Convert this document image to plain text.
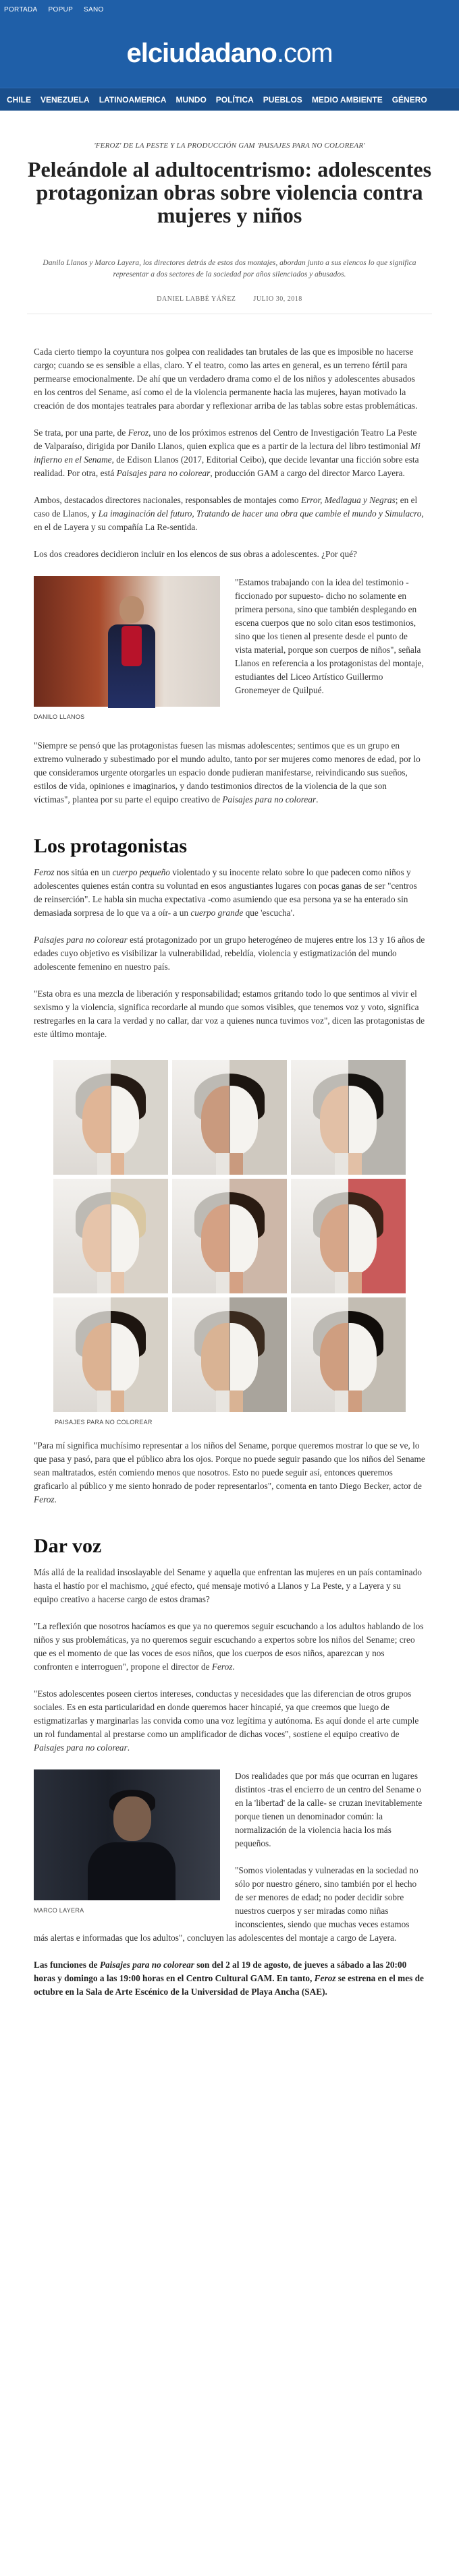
PORTADA POPUP SANO
elciudadano.com
CHILE VENEZUELA LATINOAMERICA MUNDO POLÍTICA PUEBLOS MEDIO AMBIENTE GÉNERO
'FEROZ' DE LA PESTE Y LA PRODUCCIÓN GAM 'PAISAJES PARA NO COLOREAR'
Peleándole al adultocentrismo: adolescentes protagonizan obras sobre violencia contra mujeres y niños

Danilo Llanos y Marco Layera, los directores detrás de estos dos montajes, abordan junto a sus elencos lo que significa representar a dos sectores de la sociedad por años silenciados y abusados.

DANIEL LABBÉ YÁÑEZ	JULIO 30, 2018

Cada cierto tiempo la coyuntura nos golpea con realidades tan brutales de las que es imposible no hacerse cargo; cuando se es sensible a ellas, claro. Y el teatro, como las artes en general, es un terreno fértil para permearse emocionalmente. De ahí que un verdadero drama como el de los niños y adolescentes abusados en los centros del Sename, así como el de la violencia permanente hacia las mujeres, hayan motivado la creación de dos montajes teatrales para abordar y reflexionar arriba de las tablas sobre estas problemáticas.

Se trata, por una parte, de Feroz, uno de los próximos estrenos del Centro de Investigación Teatro La Peste de Valparaíso, dirigida por Danilo Llanos, quien explica que es a partir de la lectura del libro testimonial Mi infierno en el Sename, de Edison Llanos (2017, Editorial Ceibo), que decide levantar una ficción sobre esta realidad. Por otra, está Paisajes para no colorear, producción GAM a cargo del director Marco Layera.

Ambos, destacados directores nacionales, responsables de montajes como Error, Medlagua y Negras; en el caso de Llanos, y La imaginación del futuro, Tratando de hacer una obra que cambie el mundo y Simulacro, en el de Layera y su compañía La Re-sentida.

Los dos creadores decidieron incluir en los elencos de sus obras a adolescentes. ¿Por qué?

DANILO LLANOS

"Estamos trabajando con la idea del testimonio -ficcionado por supuesto- dicho no solamente en primera persona, sino que también desplegando en escena cuerpos que no solo citan esos testimonios, sino que los tienen al presente desde el punto de vista material, porque son cuerpos de niños", señala Llanos en referencia a los protagonistas del montaje, estudiantes del Liceo Artístico Guillermo Gronemeyer de Quilpué.

"Siempre se pensó que las protagonistas fuesen las mismas adolescentes; sentimos que es un grupo en extremo vulnerado y subestimado por el mundo adulto, tanto por ser mujeres como menores de edad, por lo que consideramos urgente otorgarles un espacio donde pudieran manifestarse, reivindicando sus sueños, estilos de vida, opiniones e imaginarios, y dando testimonios directos de la violencia de la que son víctimas", plantea por su parte el equipo creativo de Paisajes para no colorear.

Los protagonistas

Feroz nos sitúa en un cuerpo pequeño violentado y su inocente relato sobre lo que padecen como niños y adolescentes quienes están contra su voluntad en esos angustiantes lugares con pocas ganas de ser "centros de reinserción". Le habla sin mucha expectativa -como asumiendo que esa persona ya se ha enterado sin demasiada sorpresa de lo que va a oír- a un cuerpo grande que 'escucha'.

Paisajes para no colorear está protagonizado por un grupo heterogéneo de mujeres entre los 13 y 16 años de edades cuyo objetivo es visibilizar la vulnerabilidad, rebeldía, violencia y estigmatización del mundo adolescente femenino en nuestro país.

"Esta obra es una mezcla de liberación y responsabilidad; estamos gritando todo lo que sentimos al vivir el sexismo y la violencia, significa recordarle al mundo que somos visibles, que tenemos voz y voto, significa restregarles en la cara la verdad y no callar, dar voz a quienes nunca tuvimos voz", dicen las protagonistas de este último montaje.

PAISAJES PARA NO COLOREAR

"Para mí significa muchísimo representar a los niños del Sename, porque queremos mostrar lo que se ve, lo que pasa y pasó, para que el público abra los ojos. Porque no puede seguir pasando que los niños del Sename sean maltratados, estén comiendo menos que nosotros. Esto no puede seguir así, entonces queremos graficarlo al público y me siento honrado de poder representarlos", comenta en tanto Diego Becker, actor de Feroz.

Dar voz

Más allá de la realidad insoslayable del Sename y aquella que enfrentan las mujeres en un país contaminado hasta el hastío por el machismo, ¿qué efecto, qué mensaje motivó a Llanos y La Peste, y a Layera y su equipo creativo a hacerse cargo de estos dramas?

"La reflexión que nosotros hacíamos es que ya no queremos seguir escuchando a los adultos hablando de los niños y sus problemáticas, ya no queremos seguir escuchando a expertos sobre los niños del Sename; creo que es el momento de que las voces de esos niños, que los cuerpos de esos niños, aparezcan y nos confronten e interroguen", propone el director de Feroz.

"Estos adolescentes poseen ciertos intereses, conductas y necesidades que las diferencian de otros grupos sociales. Es en esta particularidad en donde queremos hacer hincapié, ya que creemos que luego de estigmatizarlas y marginarlas las convida como una voz legítima y autónoma. Es aquí donde el arte cumple un rol fundamental al prestarse como un amplificador de dichas voces", sostiene el equipo creativo de Paisajes para no colorear.

MARCO LAYERA

Dos realidades que por más que ocurran en lugares distintos -tras el encierro de un centro del Sename o en la 'libertad' de la calle- se cruzan inevitablemente porque tienen un denominador común: la normalización de la violencia hacia los más pequeños.

"Somos violentadas y vulneradas en la sociedad no sólo por nuestro género, sino también por el hecho de ser menores de edad; no poder decidir sobre nuestros cuerpos y ser miradas como niñas inconscientes, siendo que muchas veces estamos más alertas e informadas que los adultos", concluyen las adolescentes del montaje a cargo de Layera.

Las funciones de Paisajes para no colorear son del 2 al 19 de agosto, de jueves a sábado a las 20:00 horas y domingo a las 19:00 horas en el Centro Cultural GAM. En tanto, Feroz se estrena en el mes de octubre en la Sala de Arte Escénico de la Universidad de Playa Ancha (SAE).
